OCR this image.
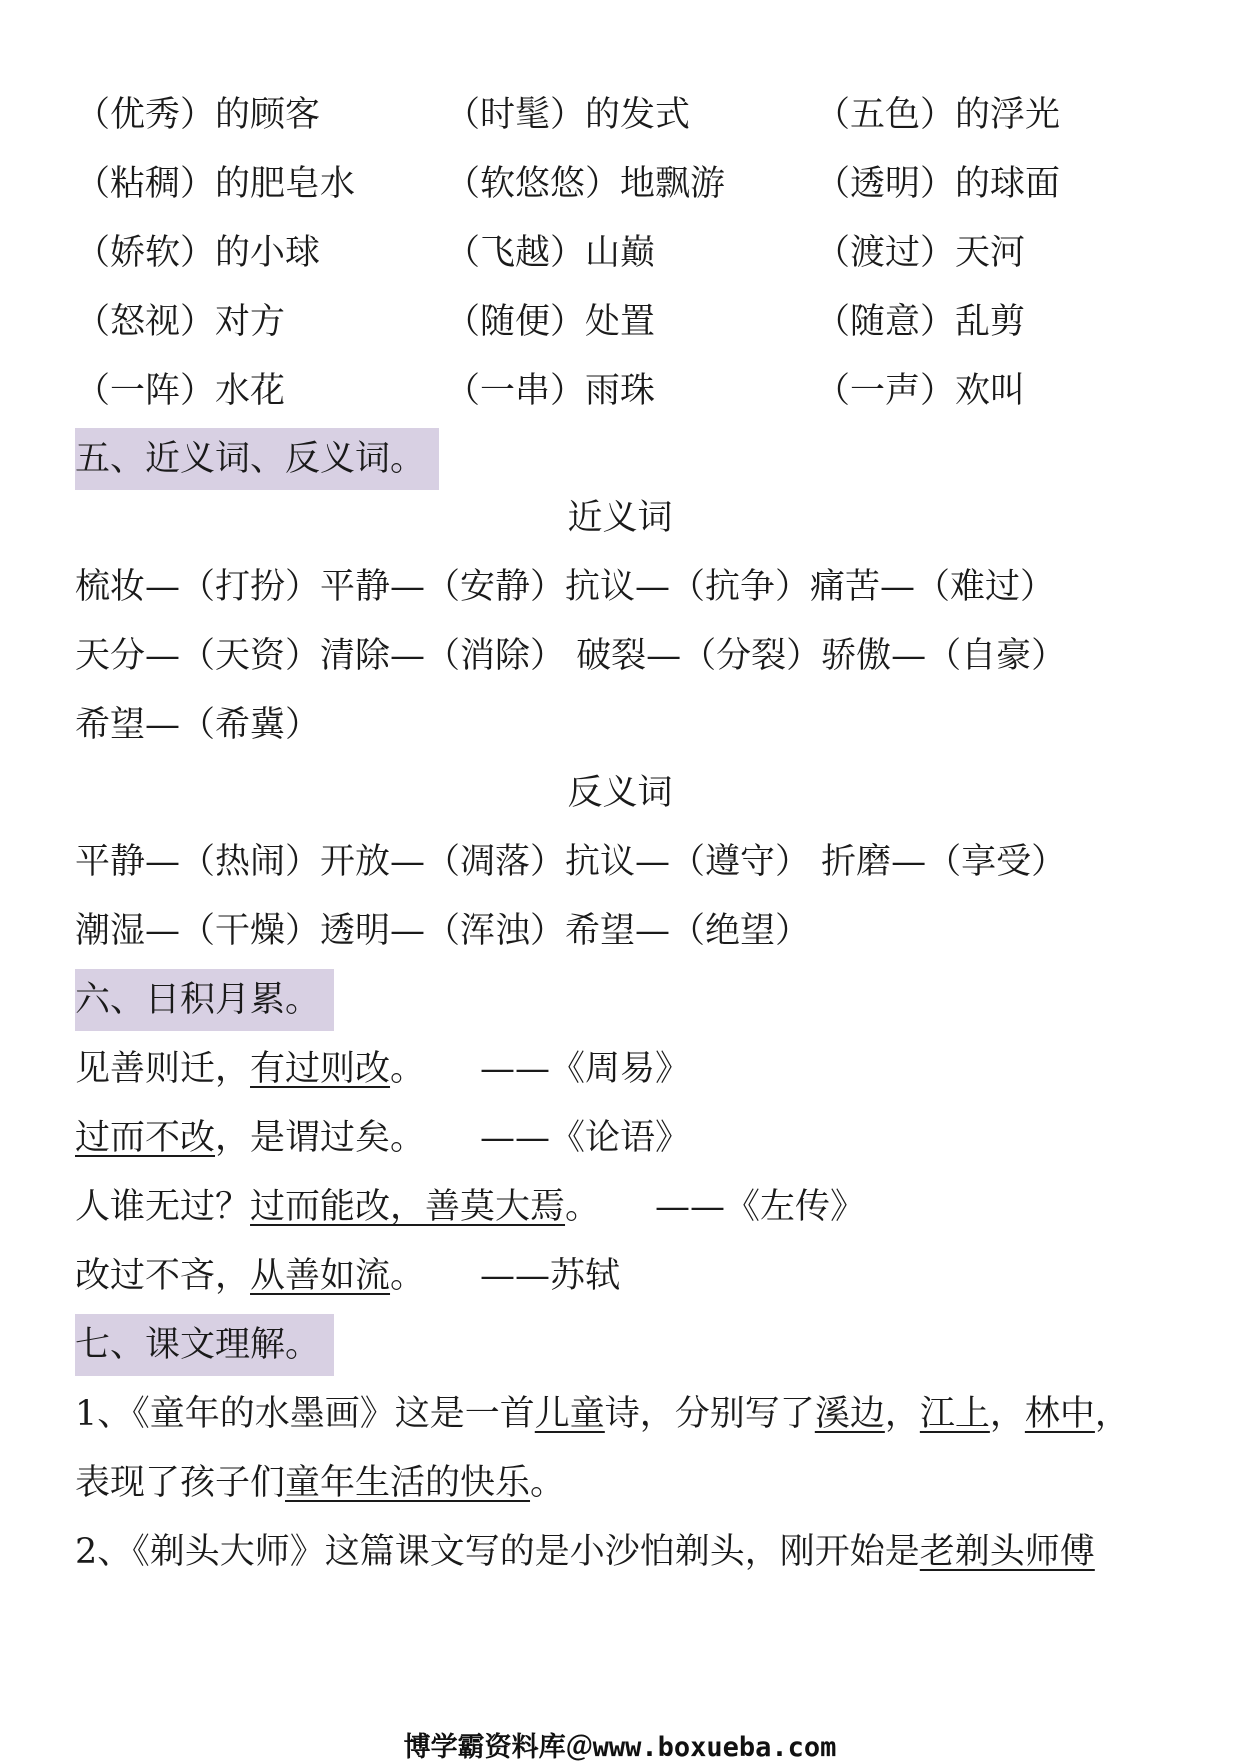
（优秀）的顾客	（时髦）的发式	（五色）的浮光
（粘稠）的肥皂水	（软悠悠）地飘游	（透明）的球面
（娇软）的小球	（飞越）山巅	（渡过）天河
（怒视）对方	（随便）处置	（随意）乱剪
（一阵）水花	（一串）雨珠	（一声）欢叫
五、近义词、反义词。
近义词
梳妆—（打扮）平静—（安静）抗议—（抗争）痛苦—（难过）
天分—（天资）清除—（消除） 破裂—（分裂）骄傲—（自豪）
希望—（希冀）
反义词
平静—（热闹）开放—（凋落）抗议—（遵守） 折磨—（享受）
潮湿—（干燥）透明—（浑浊）希望—（绝望）
六、日积月累。
见善则迁，有过则改。 ——《周易》
过而不改，是谓过矣。 ——《论语》
人谁无过？过而能改，善莫大焉。 ——《左传》
改过不吝，从善如流。 ——苏轼
七、课文理解。
1、《童年的水墨画》这是一首儿童诗，分别写了溪边，江上，林中，
表现了孩子们童年生活的快乐。
2、《剃头大师》这篇课文写的是小沙怕剃头，刚开始是老剃头师傅
博学霸资料库＠www.boxueba.com
